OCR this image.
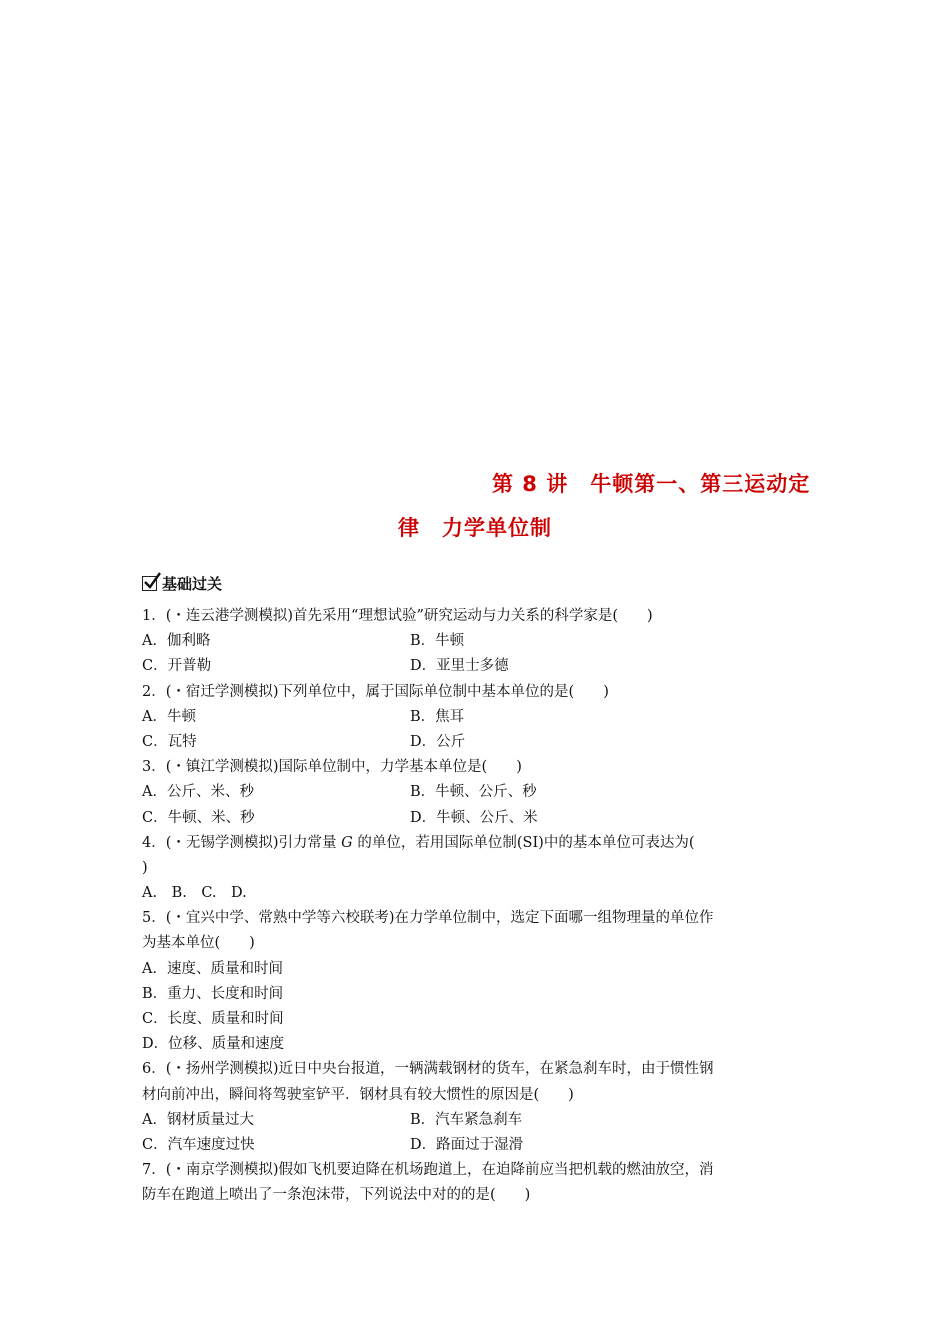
第 8 讲　牛顿第一、第三运动定
律　力学单位制
基础过关
1．(・连云港学测模拟)首先采用“理想试验”研究运动与力关系的科学家是(　　)
A．伽利略	B．牛顿
C．开普勒	D．亚里士多德
2．(・宿迁学测模拟)下列单位中，属于国际单位制中基本单位的是(　　)
A．牛顿	B．焦耳
C．瓦特	D．公斤
3．(・镇江学测模拟)国际单位制中，力学基本单位是(　　)
A．公斤、米、秒	B．牛顿、公斤、秒
C．牛顿、米、秒	D．牛顿、公斤、米
4．(・无锡学测模拟)引力常量 G 的单位，若用国际单位制(SI)中的基本单位可表达为(
)
A.　B.　C.　D.
5．(・宜兴中学、常熟中学等六校联考)在力学单位制中，选定下面哪一组物理量的单位作
为基本单位(　　)
A．速度、质量和时间
B．重力、长度和时间
C．长度、质量和时间
D．位移、质量和速度
6．(・扬州学测模拟)近日中央台报道，一辆满载钢材的货车，在紧急刹车时，由于惯性钢
材向前冲出，瞬间将驾驶室铲平．钢材具有较大惯性的原因是(　　)
A．钢材质量过大	B．汽车紧急刹车
C．汽车速度过快	D．路面过于湿滑
7．(・南京学测模拟)假如飞机要迫降在机场跑道上，在迫降前应当把机载的燃油放空，消
防车在跑道上喷出了一条泡沫带，下列说法中对的的是(　　)
